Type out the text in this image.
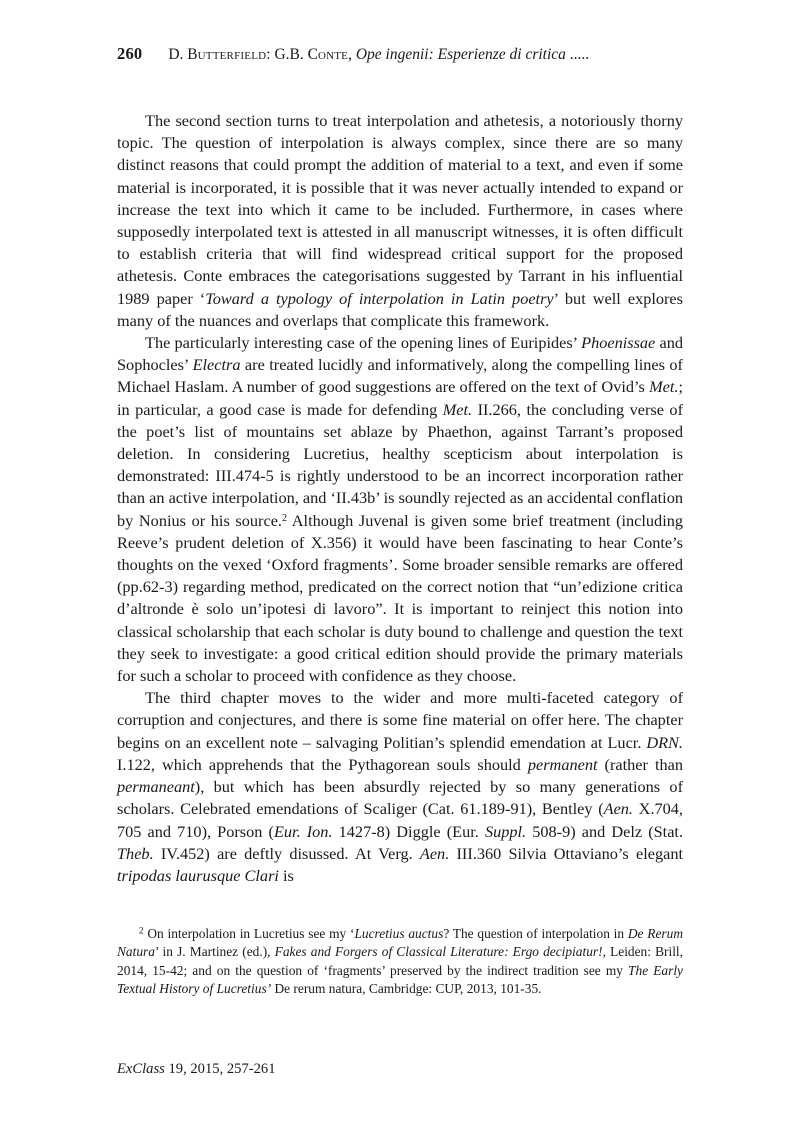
260 D. Butterfield: G.B. Conte, Ope ingenii: Esperienze di critica .....

The second section turns to treat interpolation and athetesis, a notoriously thorny topic. The question of interpolation is always complex, since there are so many distinct reasons that could prompt the addition of material to a text, and even if some material is incorporated, it is possible that it was never actually intended to expand or increase the text into which it came to be included. Furthermore, in cases where supposedly interpolated text is attested in all manuscript witnesses, it is often difficult to establish criteria that will find widespread critical support for the proposed athetesis. Conte embraces the categorisations suggested by Tarrant in his influential 1989 paper ‘Toward a typology of interpolation in Latin poetry’ but well explores many of the nuances and overlaps that complicate this framework.

The particularly interesting case of the opening lines of Euripides’ Phoenissae and Sophocles’ Electra are treated lucidly and informatively, along the compelling lines of Michael Haslam. A number of good suggestions are offered on the text of Ovid’s Met.; in particular, a good case is made for defending Met. II.266, the concluding verse of the poet’s list of mountains set ablaze by Phaethon, against Tarrant’s proposed deletion. In considering Lucretius, healthy scepticism about interpolation is demonstrated: III.474-5 is rightly understood to be an incorrect incorporation rather than an active interpolation, and ‘II.43b’ is soundly rejected as an accidental conflation by Nonius or his source.$^2$ Although Juvenal is given some brief treatment (including Reeve’s prudent deletion of X.356) it would have been fascinating to hear Conte’s thoughts on the vexed ‘Oxford fragments’. Some broader sensible remarks are offered (pp.62-3) regarding method, predicated on the correct notion that “un’edizione critica d’altronde è solo un’ipotesi di lavoro”. It is important to reinject this notion into classical scholarship that each scholar is duty bound to challenge and question the text they seek to investigate: a good critical edition should provide the primary materials for such a scholar to proceed with confidence as they choose.

The third chapter moves to the wider and more multi-faceted category of corruption and conjectures, and there is some fine material on offer here. The chapter begins on an excellent note – salvaging Politian’s splendid emendation at Lucr. DRN. I.122, which apprehends that the Pythagorean souls should permanent (rather than permaneant), but which has been absurdly rejected by so many generations of scholars. Celebrated emendations of Scaliger (Cat. 61.189-91), Bentley (Aen. X.704, 705 and 710), Porson (Eur. Ion. 1427-8) Diggle (Eur. Suppl. 508-9) and Delz (Stat. Theb. IV.452) are deftly disussed. At Verg. Aen. III.360 Silvia Ottaviano’s elegant tripodas laurusque Clari is

$^2$ On interpolation in Lucretius see my ‘Lucretius auctus? The question of interpolation in De Rerum Natura’ in J. Martinez (ed.), Fakes and Forgers of Classical Literature: Ergo decipiatur!, Leiden: Brill, 2014, 15-42; and on the question of ‘fragments’ preserved by the indirect tradition see my The Early Textual History of Lucretius’ De rerum natura, Cambridge: CUP, 2013, 101-35.

ExClass 19, 2015, 257-261
